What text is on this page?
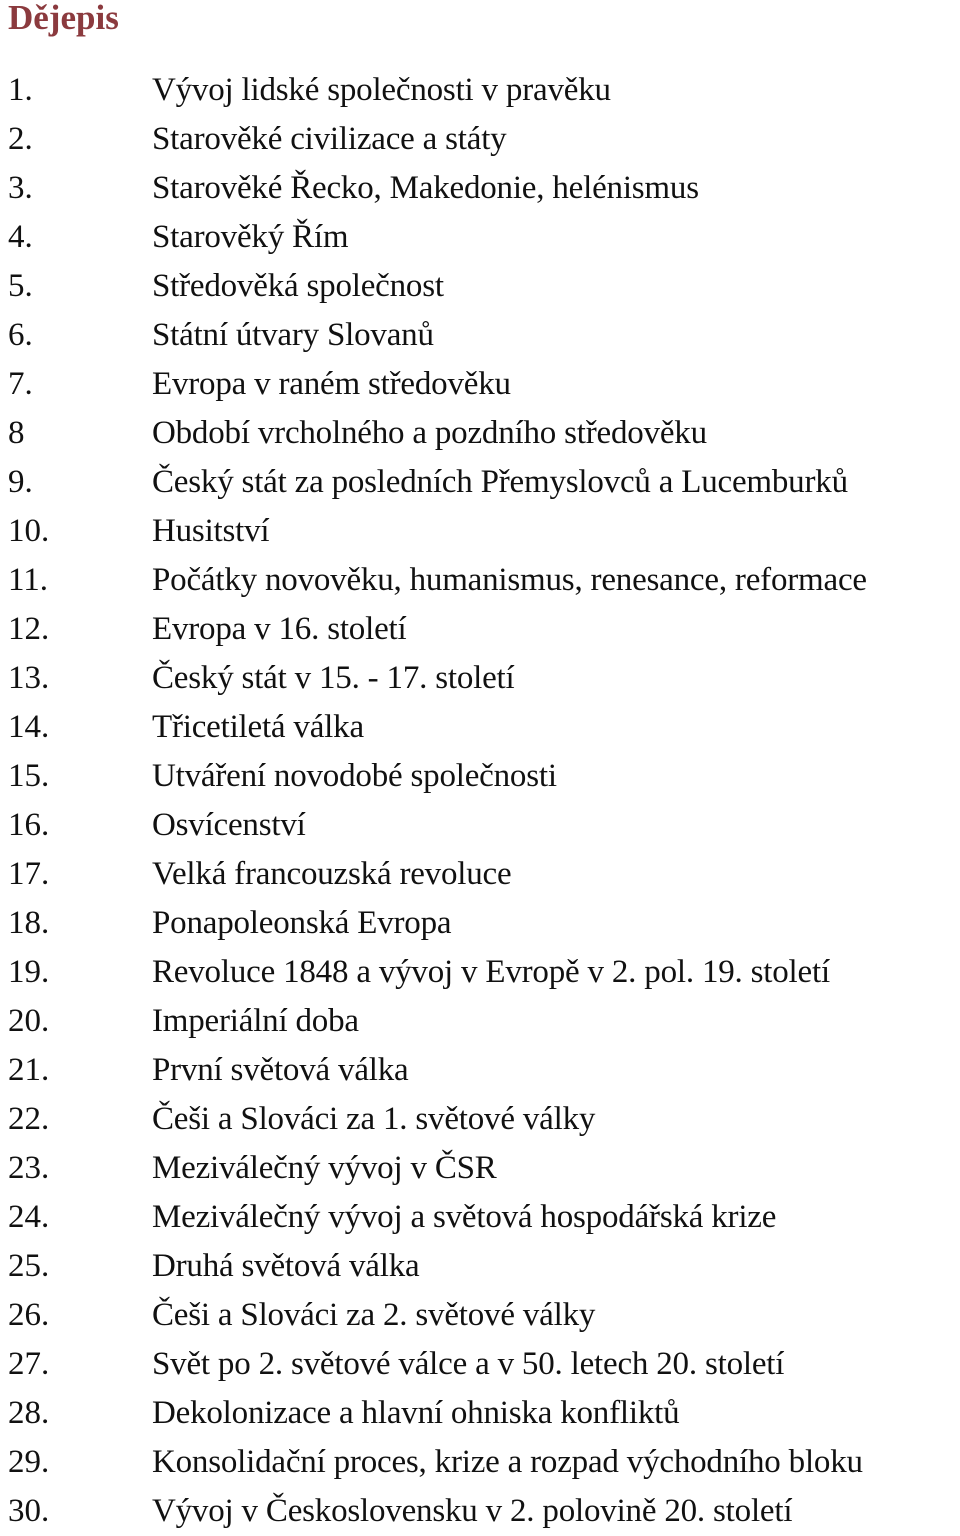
Dějepis
1.	Vývoj lidské společnosti v pravěku
2.	Starověké civilizace a státy
3.	Starověké Řecko, Makedonie, helénismus
4.	Starověký Řím
5.	Středověká společnost
6.	Státní útvary Slovanů
7.	Evropa v raném středověku
8	Období vrcholného a pozdního středověku
9.	Český stát za posledních Přemyslovců a Lucemburků
10.	Husitství
11.	Počátky novověku, humanismus, renesance, reformace
12.	Evropa v 16. století
13.	Český stát v 15. - 17. století
14.	Třicetiletá válka
15.	Utváření novodobé společnosti
16.	Osvícenství
17.	Velká francouzská revoluce
18.	Ponapoleonská Evropa
19.	Revoluce 1848 a vývoj v Evropě v 2. pol. 19. století
20.	Imperiální doba
21.	První světová válka
22.	Češi a Slováci za 1. světové války
23.	Meziválečný vývoj v ČSR
24.	Meziválečný vývoj a světová hospodářská krize
25.	Druhá světová válka
26.	Češi a Slováci za 2. světové války
27.	Svět po 2. světové válce a v 50. letech 20. století
28.	Dekolonizace a hlavní ohniska konfliktů
29.	Konsolidační proces, krize a rozpad východního bloku
30.	Vývoj v Československu v 2. polovině 20. století
